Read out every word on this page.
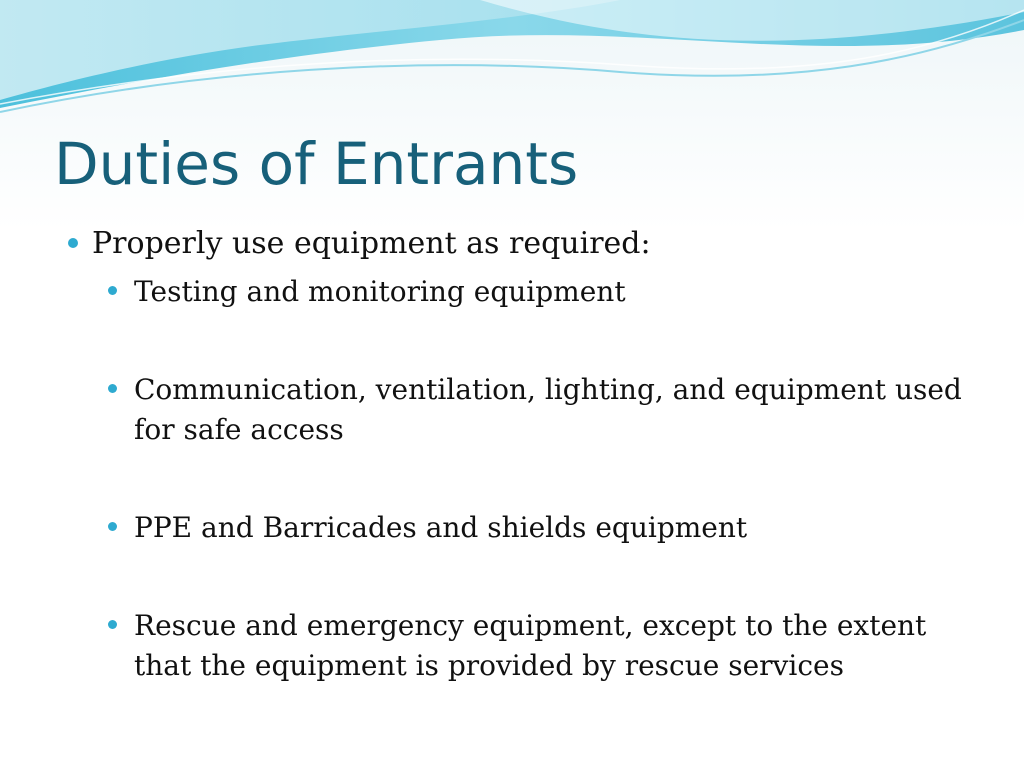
Duties of Entrants

Properly use equipment as required:

Testing and monitoring equipment

Communication, ventilation, lighting, and equipment used for safe access

PPE and Barricades and shields equipment

Rescue and emergency equipment, except to the extent that the equipment is provided by rescue services
